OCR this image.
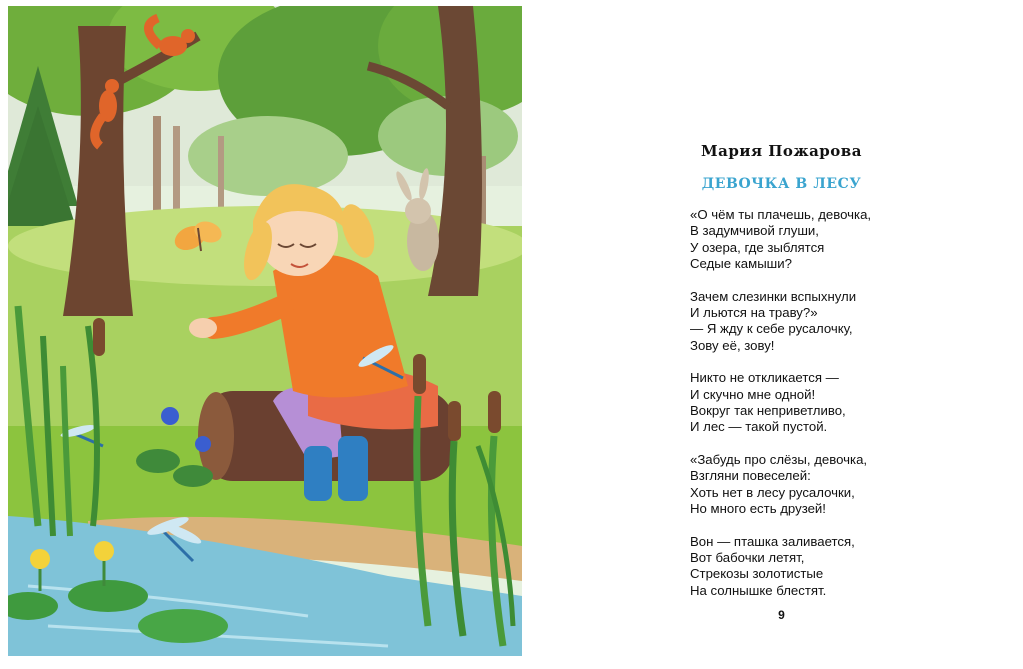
Мария Пожарова
ДЕВОЧКА В ЛЕСУ
«О чём ты плачешь, девочка,
В задумчивой глуши,
У озера, где зыблятся
Седые камыши?
Зачем слезинки вспыхнули
И льются на траву?»
— Я жду к себе русалочку,
Зову её, зову!
Никто не откликается —
И скучно мне одной!
Вокруг так неприветливо,
И лес — такой пустой.
«Забудь про слёзы, девочка,
Взгляни повеселей:
Хоть нет в лесу русалочки,
Но много есть друзей!
Вон — пташка заливается,
Вот бабочки летят,
Стрекозы золотистые
На солнышке блестят.
9
